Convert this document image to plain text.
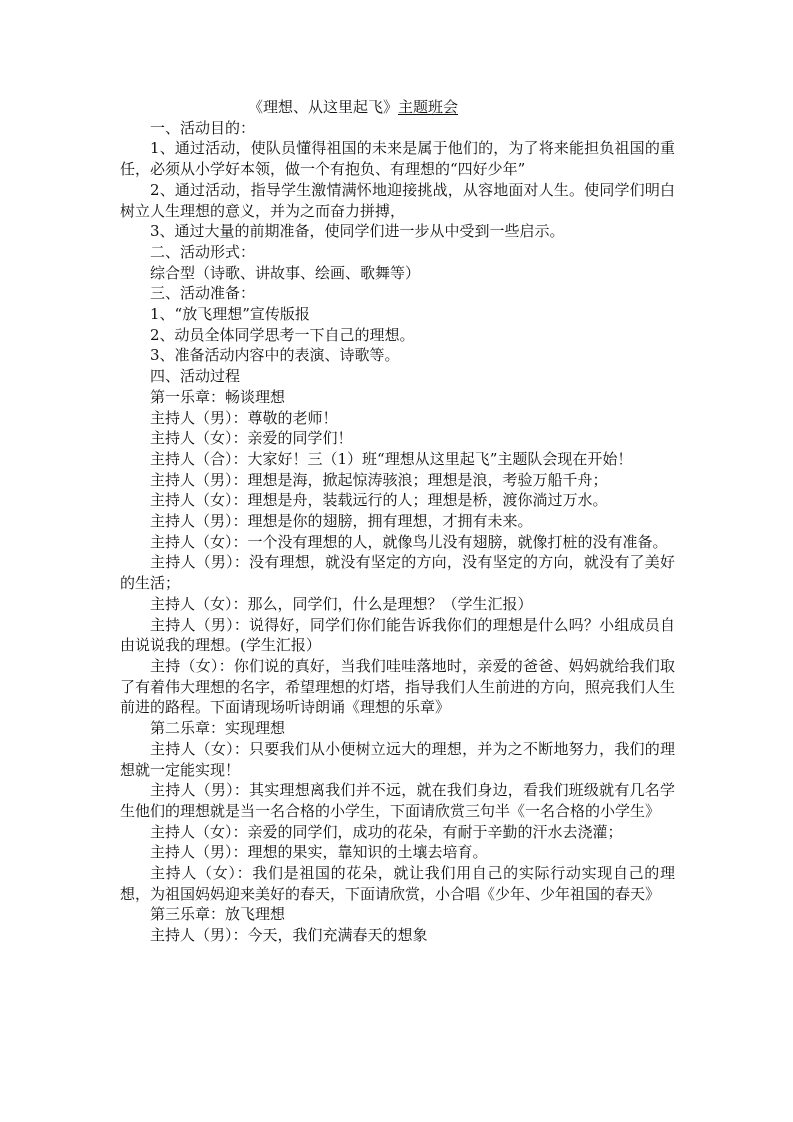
《理想、从这里起飞》主题班会

一、活动目的：

1、通过活动，使队员懂得祖国的未来是属于他们的，为了将来能担负祖国的重任，必须从小学好本领，做一个有抱负、有理想的“四好少年”

2、通过活动，指导学生激情满怀地迎接挑战，从容地面对人生。使同学们明白树立人生理想的意义，并为之而奋力拼搏，

3、通过大量的前期准备，使同学们进一步从中受到一些启示。

二、活动形式：

综合型（诗歌、讲故事、绘画、歌舞等）

三、活动准备：

1、“放飞理想”宣传版报

2、动员全体同学思考一下自己的理想。

3、准备活动内容中的表演、诗歌等。

四、活动过程

第一乐章：畅谈理想

主持人（男）：尊敬的老师！

主持人（女）：亲爱的同学们！

主持人（合）：大家好！三（1）班“理想从这里起飞”主题队会现在开始！

主持人（男）：理想是海，掀起惊涛骇浪；理想是浪，考验万船千舟；

主持人（女）：理想是舟，装载远行的人；理想是桥，渡你淌过万水。

主持人（男）：理想是你的翅膀，拥有理想，才拥有未来。

主持人（女）：一个没有理想的人，就像鸟儿没有翅膀，就像打桩的没有准备。

主持人（男）：没有理想，就没有坚定的方向，没有坚定的方向，就没有了美好的生活；

主持人（女）：那么，同学们，什么是理想？（学生汇报）

主持人（男）：说得好，同学们你们能告诉我你们的理想是什么吗？小组成员自由说说我的理想。(学生汇报）

主持（女）：你们说的真好，当我们哇哇落地时，亲爱的爸爸、妈妈就给我们取了有着伟大理想的名字，希望理想的灯塔，指导我们人生前进的方向，照亮我们人生前进的路程。下面请现场听诗朗诵《理想的乐章》

第二乐章：实现理想

主持人（女）：只要我们从小便树立远大的理想，并为之不断地努力，我们的理想就一定能实现！

主持人（男）：其实理想离我们并不远，就在我们身边，看我们班级就有几名学生他们的理想就是当一名合格的小学生，下面请欣赏三句半《一名合格的小学生》

主持人（女）：亲爱的同学们，成功的花朵，有耐于辛勤的汗水去浇灌；

主持人（男）：理想的果实，靠知识的土壤去培育。

主持人（女）：我们是祖国的花朵，就让我们用自己的实际行动实现自己的理想，为祖国妈妈迎来美好的春天，下面请欣赏，小合唱《少年、少年祖国的春天》

第三乐章：放飞理想

主持人（男）：今天，我们充满春天的想象
